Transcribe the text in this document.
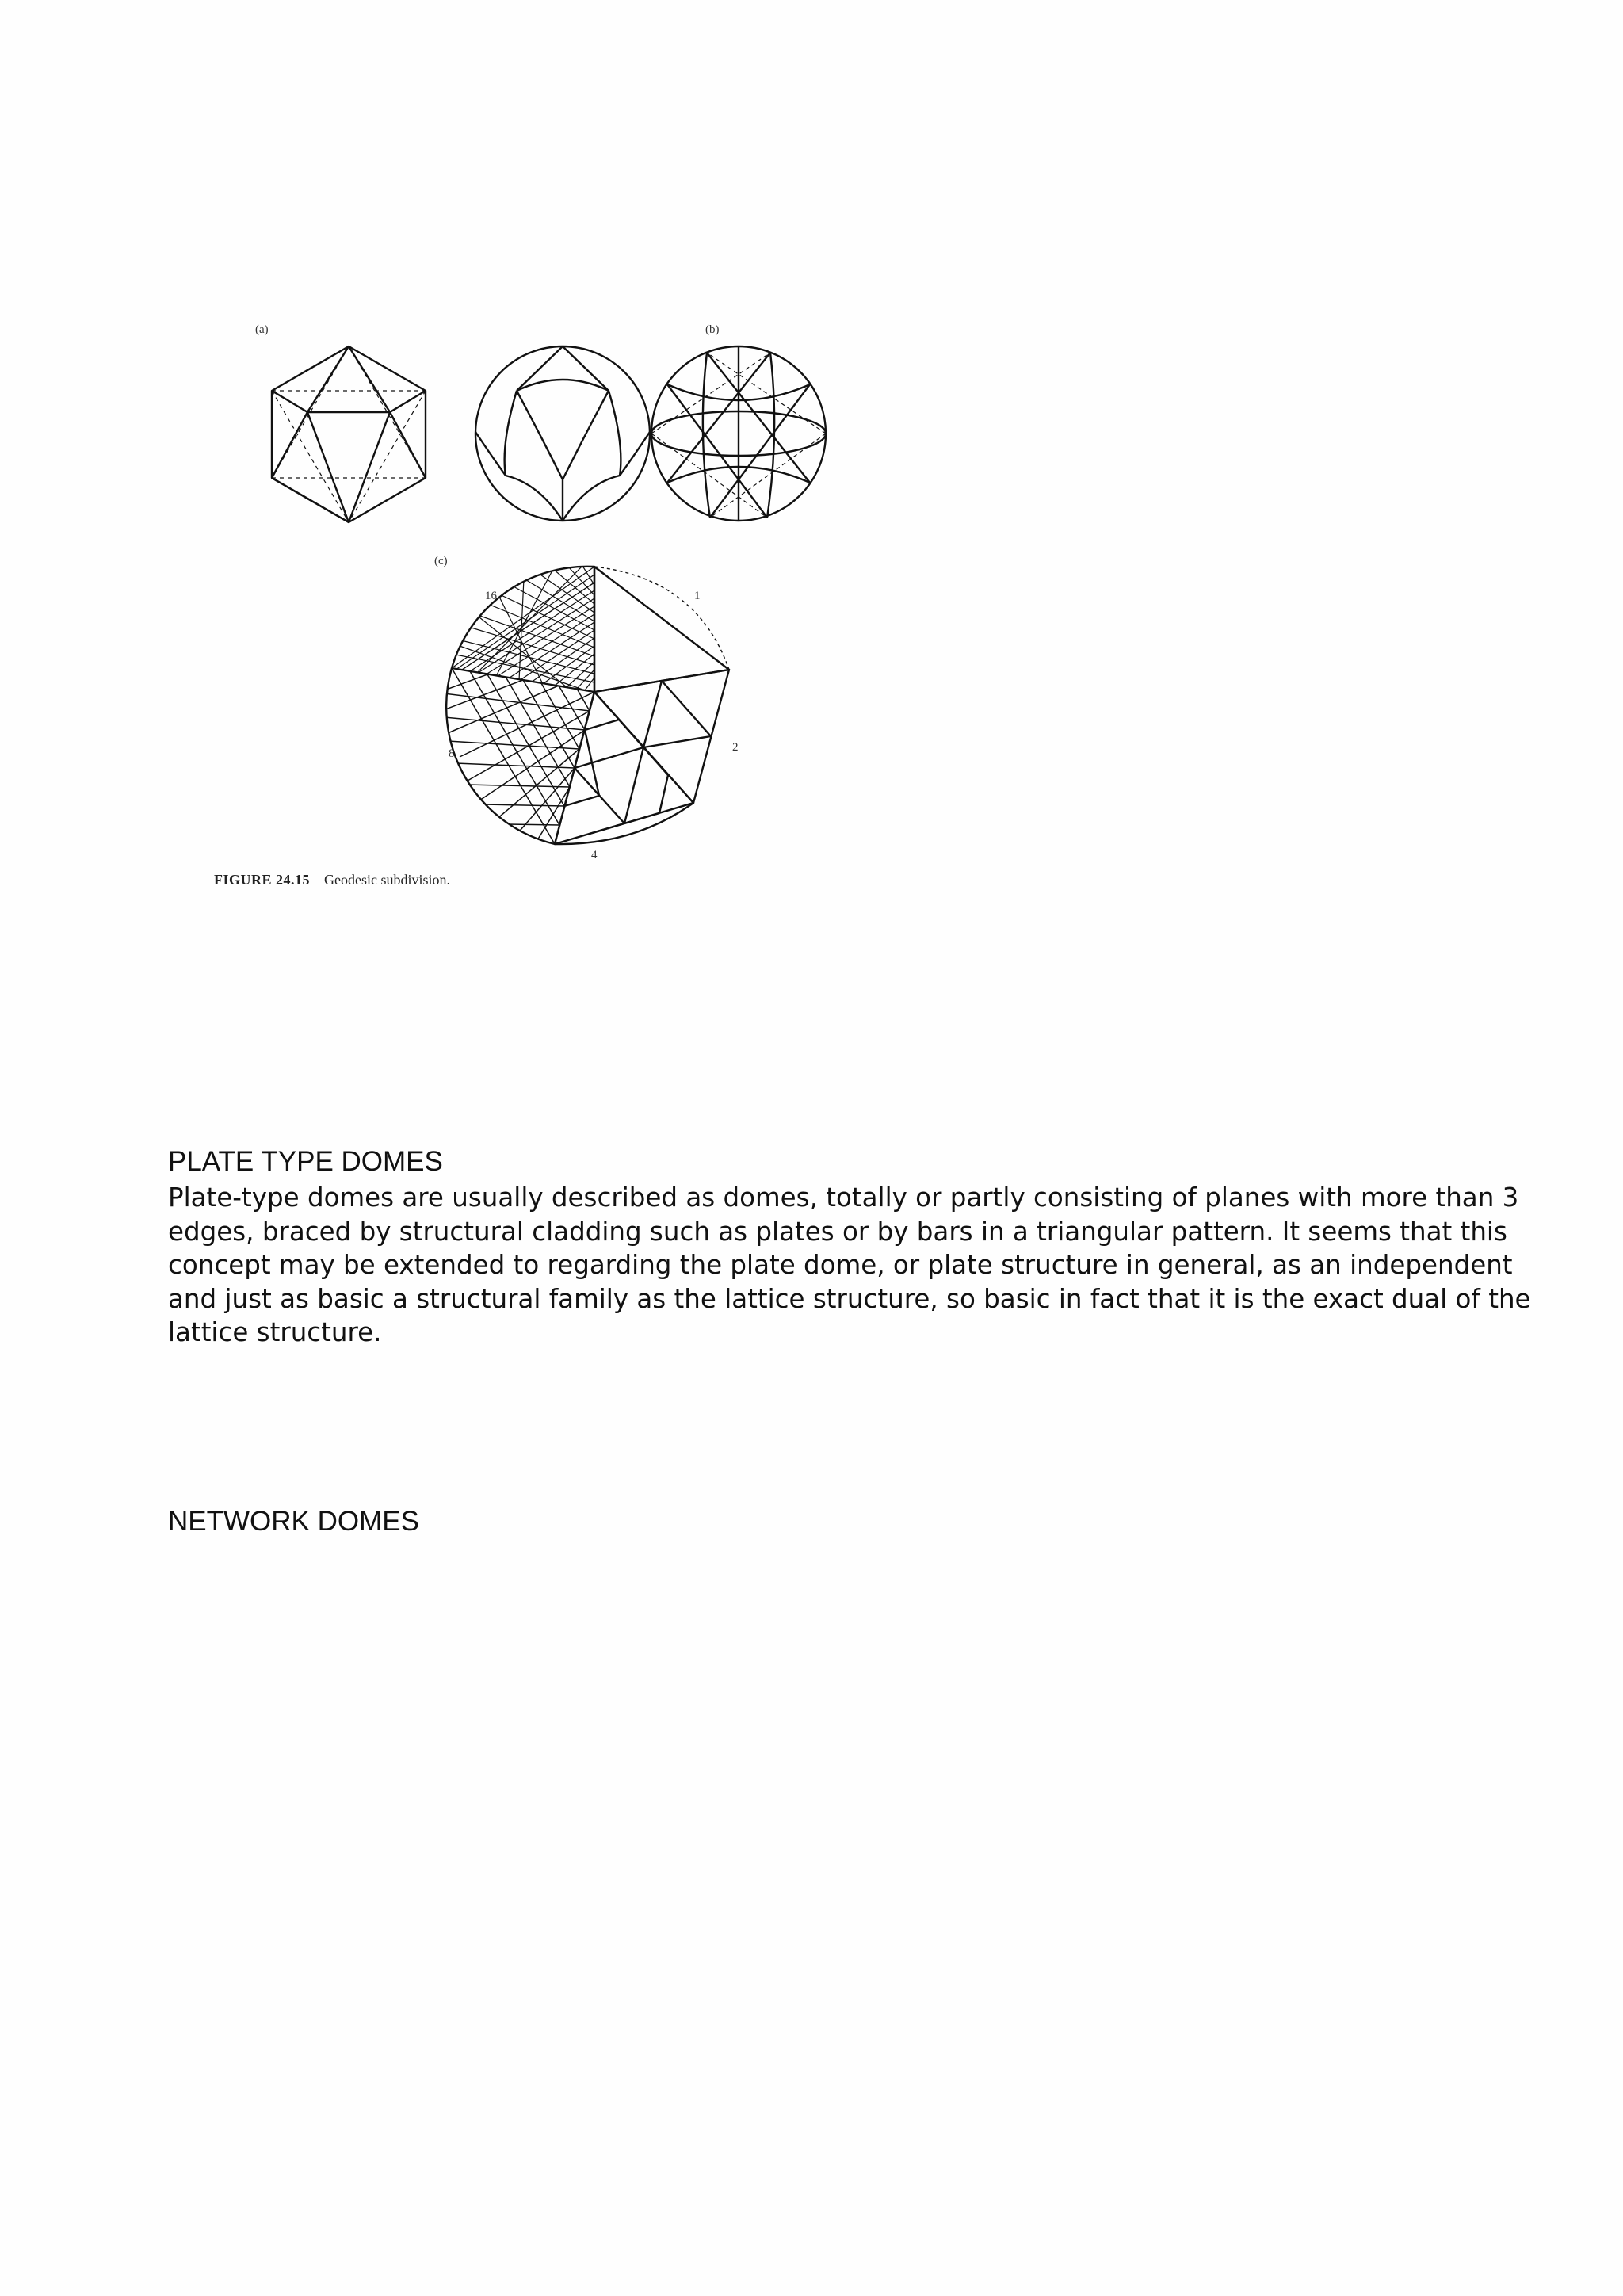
(a)	(b)
(c)
16	1
8	2
4
FIGURE 24.15 Geodesic subdivision.
PLATE TYPE DOMES
Plate-type domes are usually described as domes, totally or partly consisting of planes with more than 3 edges, braced by structural cladding such as plates or by bars in a triangular pattern. It seems that this concept may be extended to regarding the plate dome, or plate structure in general, as an independent and just as basic a structural family as the lattice structure, so basic in fact that it is the exact dual of the lattice structure.
NETWORK DOMES
